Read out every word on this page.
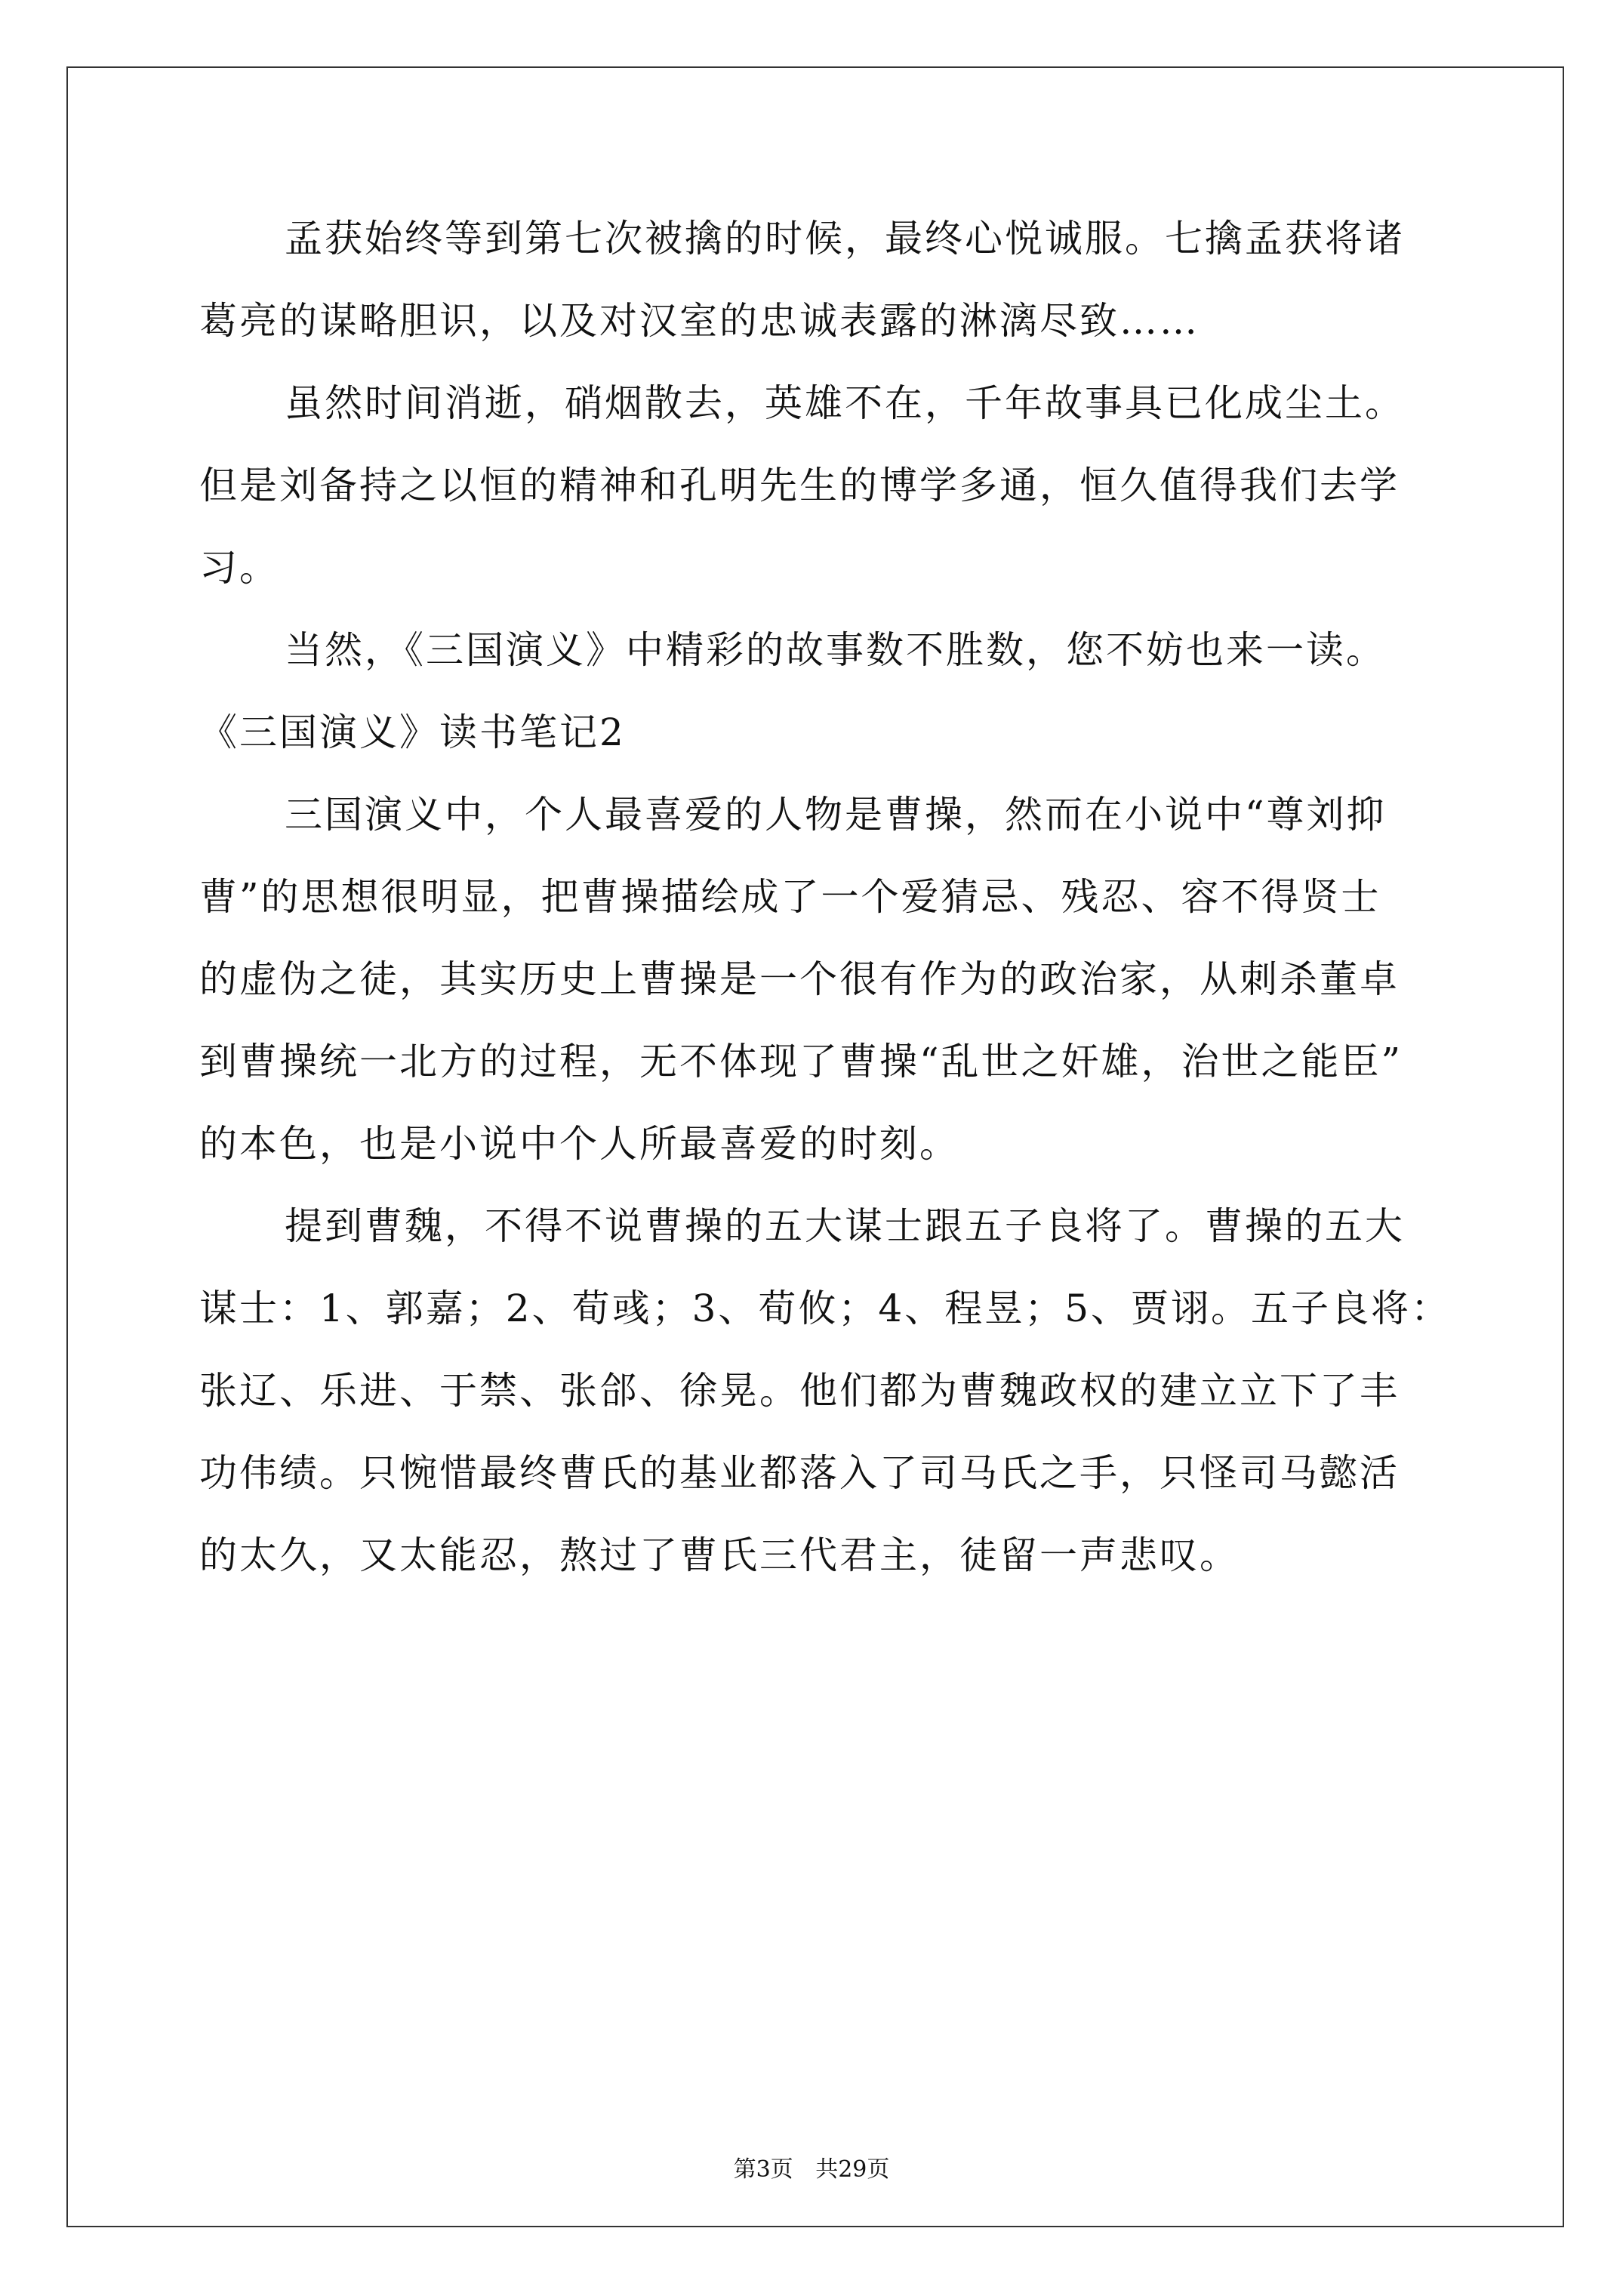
孟获始终等到第七次被擒的时候，最终心悦诚服。七擒孟获将诸
葛亮的谋略胆识，以及对汉室的忠诚表露的淋漓尽致……
虽然时间消逝，硝烟散去，英雄不在，千年故事具已化成尘土。
但是刘备持之以恒的精神和孔明先生的博学多通，恒久值得我们去学
习。
当然，《三国演义》中精彩的故事数不胜数，您不妨也来一读。
《三国演义》读书笔记2
三国演义中，个人最喜爱的人物是曹操，然而在小说中“尊刘抑
曹”的思想很明显，把曹操描绘成了一个爱猜忌、残忍、容不得贤士
的虚伪之徒，其实历史上曹操是一个很有作为的政治家，从刺杀董卓
到曹操统一北方的过程，无不体现了曹操“乱世之奸雄，治世之能臣”
的本色，也是小说中个人所最喜爱的时刻。
提到曹魏，不得不说曹操的五大谋士跟五子良将了。曹操的五大
谋士：1、郭嘉；2、荀彧；3、荀攸；4、程昱；5、贾诩。五子良将：
张辽、乐进、于禁、张郃、徐晃。他们都为曹魏政权的建立立下了丰
功伟绩。只惋惜最终曹氏的基业都落入了司马氏之手，只怪司马懿活
的太久，又太能忍，熬过了曹氏三代君主，徒留一声悲叹。
第3页 共29页
